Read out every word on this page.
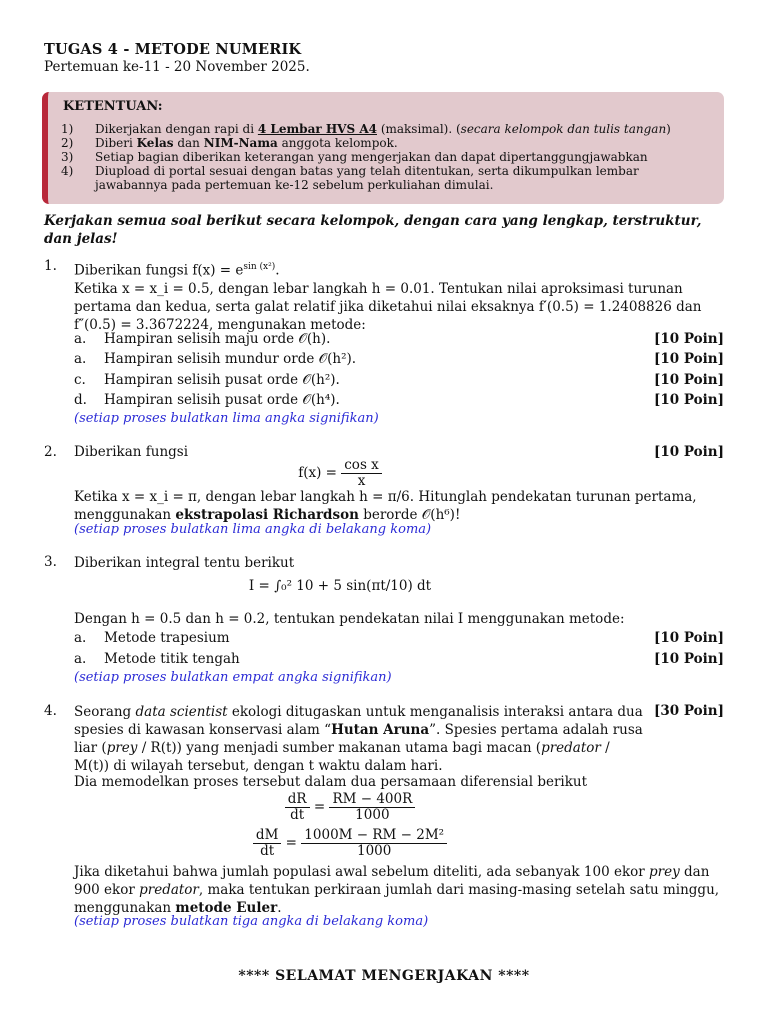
TUGAS 4 - METODE NUMERIK
Pertemuan ke-11 - 20 November 2025.
KETENTUAN:
1) Dikerjakan dengan rapi di 4 Lembar HVS A4 (maksimal). (secara kelompok dan tulis tangan)
2) Diberi Kelas dan NIM-Nama anggota kelompok.
3) Setiap bagian diberikan keterangan yang mengerjakan dan dapat dipertanggungjawabkan
4) Diupload di portal sesuai dengan batas yang telah ditentukan, serta dikumpulkan lembar jawabannya pada pertemuan ke-12 sebelum perkuliahan dimulai.
Kerjakan semua soal berikut secara kelompok, dengan cara yang lengkap, terstruktur, dan jelas!
1. Diberikan fungsi $f(x) = e^{sin (x^2)}$.
Ketika x = x_i = 0.5, dengan lebar langkah h = 0.01. Tentukan nilai aproksimasi turunan pertama dan kedua, serta galat relatif jika diketahui nilai eksaknya f′(0.5) = 1.2408826 dan f″(0.5) = 3.3672224, mengunakan metode:
a. Hampiran selisih maju orde 𝒪(h).	[10 Poin]
a. Hampiran selisih mundur orde 𝒪(h²).	[10 Poin]
c. Hampiran selisih pusat orde 𝒪(h²).	[10 Poin]
d. Hampiran selisih pusat orde 𝒪(h⁴).	[10 Poin]
(setiap proses bulatkan lima angka signifikan)
2. Diberikan fungsi	[10 Poin]
$f(x) = \frac{\text{cos x}}{x}$
Ketika x = x_i = π, dengan lebar langkah h = π/6. Hitunglah pendekatan turunan pertama, menggunakan ekstrapolasi Richardson berorde 𝒪(h⁶)!
(setiap proses bulatkan lima angka di belakang koma)
3. Diberikan integral tentu berikut
I = ∫₀² 10 + 5 sin(πt/10) dt
Dengan h = 0.5 dan h = 0.2, tentukan pendekatan nilai I menggunakan metode:
a. Metode trapesium	[10 Poin]
a. Metode titik tengah	[10 Poin]
(setiap proses bulatkan empat angka signifikan)
4. Seorang data scientist ekologi ditugaskan untuk menganalisis interaksi antara dua spesies di kawasan konservasi alam “Hutan Aruna”. Spesies pertama adalah rusa liar (prey / R(t)) yang menjadi sumber makanan utama bagi macan (predator / M(t)) di wilayah tersebut, dengan t waktu dalam hari.
[30 Poin]
Dia memodelkan proses tersebut dalam dua persamaan diferensial berikut
$\frac{dR}{dt} = \frac{RM - 400R}{1000}$
$\frac{dM}{dt} = \frac{\text{1000M − RM − 2M²}}{1000}$
Jika diketahui bahwa jumlah populasi awal sebelum diteliti, ada sebanyak 100 ekor prey dan 900 ekor predator, maka tentukan perkiraan jumlah dari masing-masing setelah satu minggu, menggunakan metode Euler.
(setiap proses bulatkan tiga angka di belakang koma)
**** SELAMAT MENGERJAKAN ****
